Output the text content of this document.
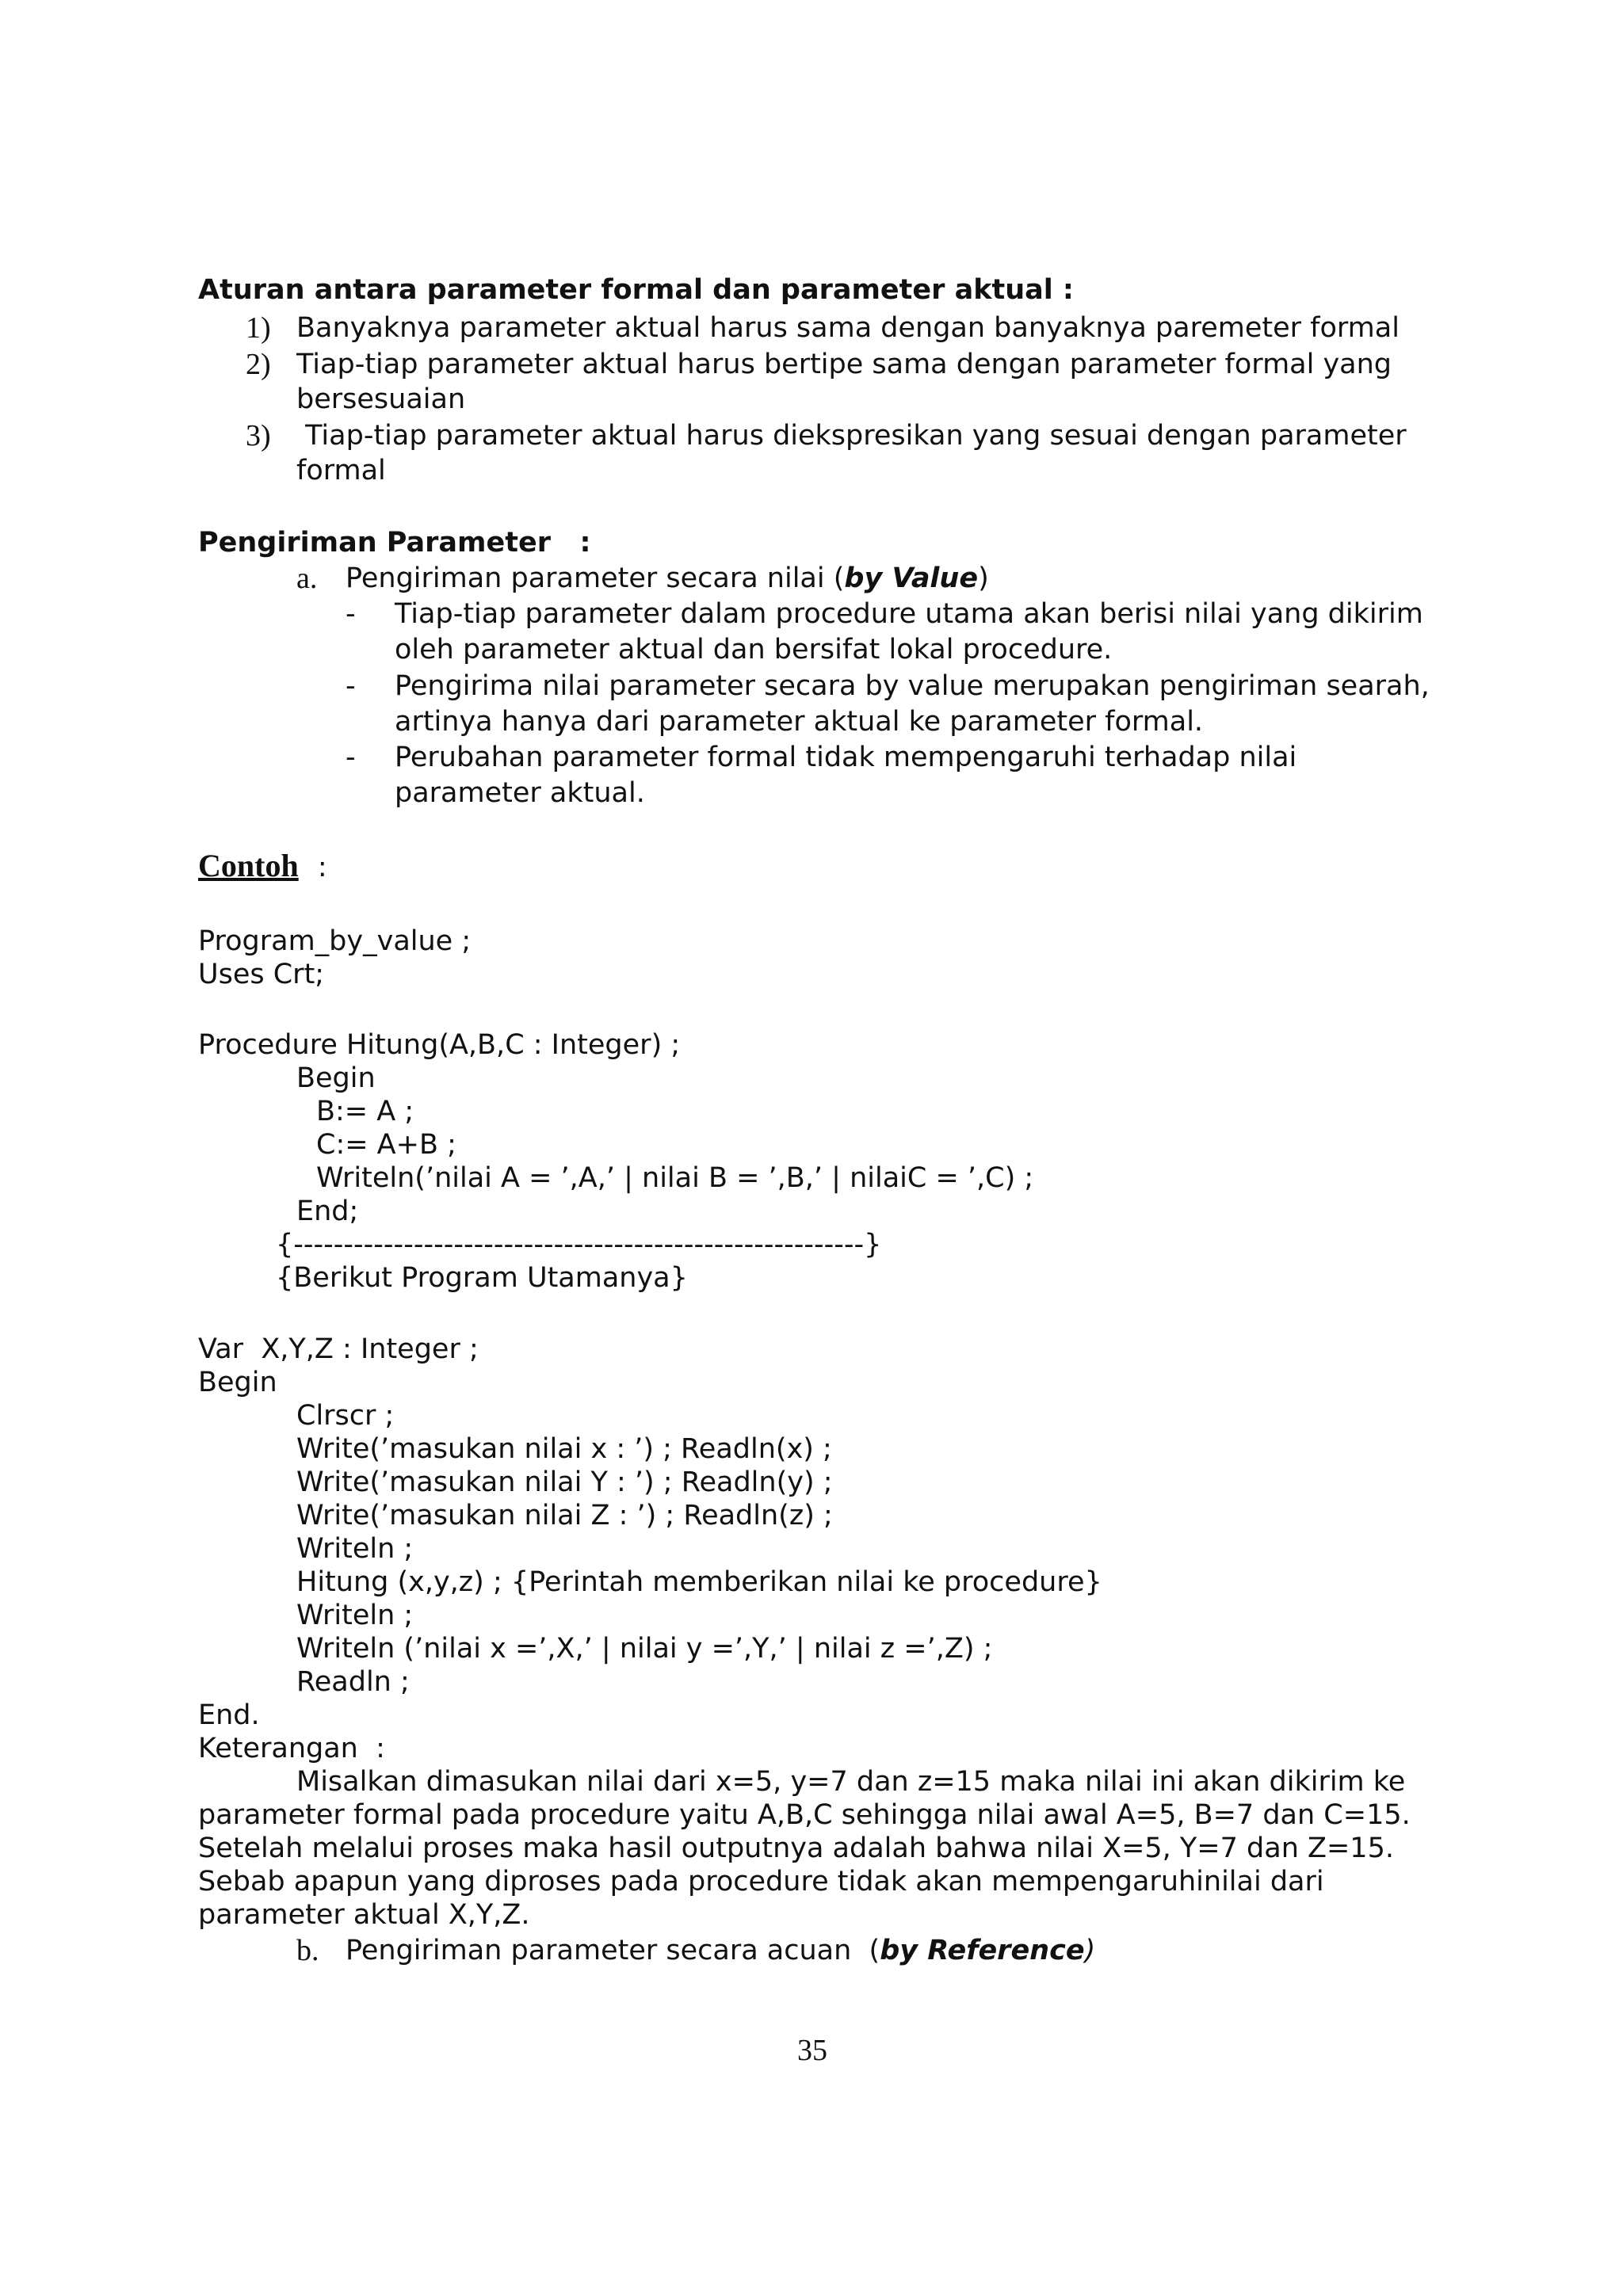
Aturan antara parameter formal dan parameter aktual :
1) Banyaknya parameter aktual harus sama dengan banyaknya paremeter formal
2) Tiap-tiap parameter aktual harus bertipe sama dengan parameter formal yang
bersesuaian
3) Tiap-tiap parameter aktual harus diekspresikan yang sesuai dengan parameter
formal
Pengiriman Parameter   :
a. Pengiriman parameter secara nilai (by Value)
- Tiap-tiap parameter dalam procedure utama akan berisi nilai yang dikirim
oleh parameter aktual dan bersifat lokal procedure.
- Pengirima nilai parameter secara by value merupakan pengiriman searah,
artinya hanya dari parameter aktual ke parameter formal.
- Perubahan parameter formal tidak mempengaruhi terhadap nilai
parameter aktual.
Contoh :
Program_by_value ;
Uses Crt;
Procedure Hitung(A,B,C : Integer) ;
Begin
B:= A ;
C:= A+B ;
Writeln(’nilai A = ’,A,’ | nilai B = ’,B,’ | nilaiC = ’,C) ;
End;
{---------------------------------------------------------}
{Berikut Program Utamanya}
Var  X,Y,Z : Integer ;
Begin
Clrscr ;
Write(’masukan nilai x : ’) ; Readln(x) ;
Write(’masukan nilai Y : ’) ; Readln(y) ;
Write(’masukan nilai Z : ’) ; Readln(z) ;
Writeln ;
Hitung (x,y,z) ; {Perintah memberikan nilai ke procedure}
Writeln ;
Writeln (’nilai x =’,X,’ | nilai y =’,Y,’ | nilai z =’,Z) ;
Readln ;
End.
Keterangan  :
Misalkan dimasukan nilai dari x=5, y=7 dan z=15 maka nilai ini akan dikirim ke
parameter formal pada procedure yaitu A,B,C sehingga nilai awal A=5, B=7 dan C=15.
Setelah melalui proses maka hasil outputnya adalah bahwa nilai X=5, Y=7 dan Z=15.
Sebab apapun yang diproses pada procedure tidak akan mempengaruhinilai dari
parameter aktual X,Y,Z.
b. Pengiriman parameter secara acuan  (by Reference)
35
